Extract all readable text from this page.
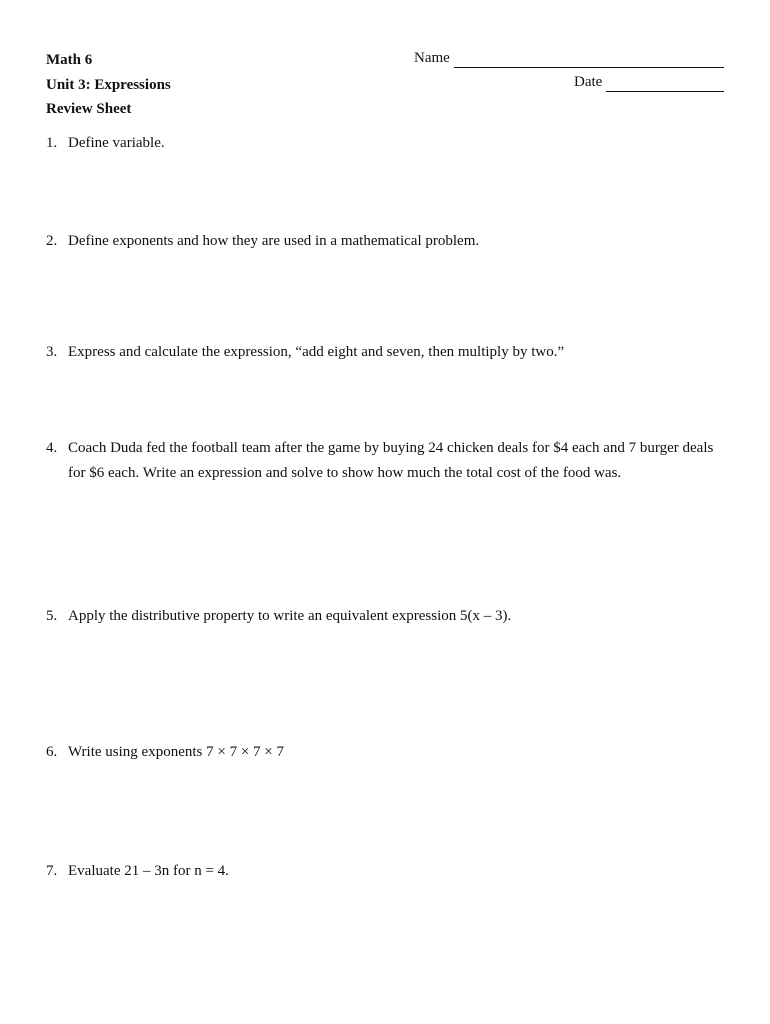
Math 6
Unit 3: Expressions
Review Sheet
Name
Date
1. Define variable.
2. Define exponents and how they are used in a mathematical problem.
3. Express and calculate the expression, “add eight and seven, then multiply by two.”
4. Coach Duda fed the football team after the game by buying 24 chicken deals for $4 each and 7 burger deals for $6 each. Write an expression and solve to show how much the total cost of the food was.
5. Apply the distributive property to write an equivalent expression 5(x – 3).
6. Write using exponents 7 × 7 × 7 × 7
7. Evaluate 21 – 3n for n = 4.
